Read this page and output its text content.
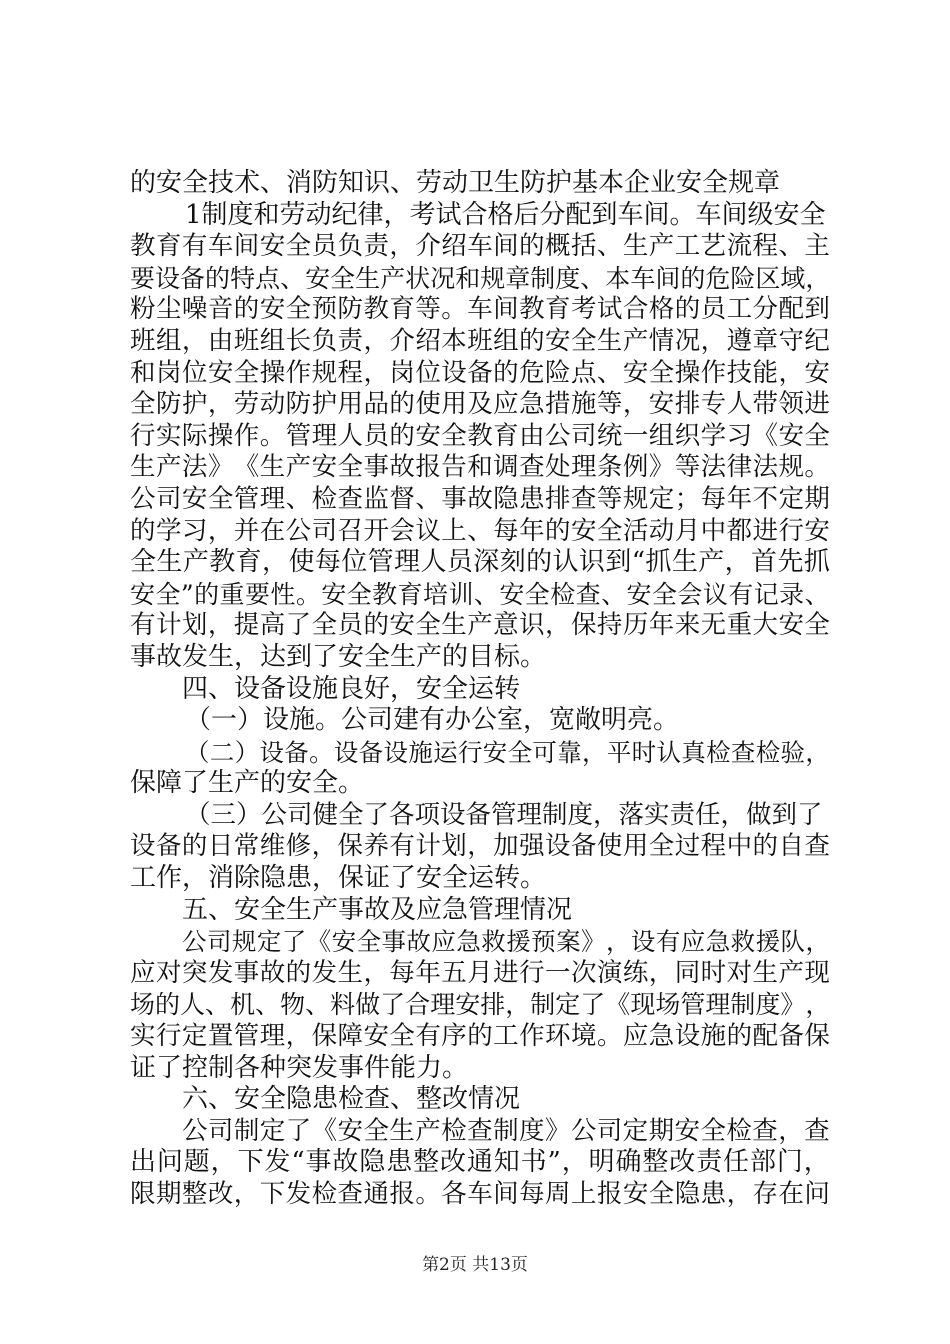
的安全技术、消防知识、劳动卫生防护基本企业安全规章
1制度和劳动纪律，考试合格后分配到车间。车间级安全
教 育 有 车 间 安 全 员 负 责 ， 介 绍 车 间 的 概 括 、 生 产 工 艺 流 程 、 主
要 设 备 的 特 点 、 安 全 生 产 状 况 和 规 章 制 度 、 本 车 间 的 危 险 区 域 ，
粉 尘 噪 音 的 安 全 预 防 教 育 等 。 车 间 教 育 考 试 合 格 的 员 工 分 配 到
班 组 ， 由 班 组 长 负 责 ， 介 绍 本 班 组 的 安 全 生 产 情 况 ， 遵 章 守 纪
和 岗 位 安 全 操 作 规 程 ， 岗 位 设 备 的 危 险 点 、 安 全 操 作 技 能 ， 安
全 防 护 ， 劳 动 防 护 用 品 的 使 用 及 应 急 措 施 等 ， 安 排 专 人 带 领 进
行 实 际 操 作 。 管 理 人 员 的 安 全 教 育 由 公 司 统 一 组 织 学 习 《 安 全
生 产 法 》 《 生 产 安 全 事 故 报 告 和 调 查 处 理 条 例 》 等 法 律 法 规 。
公 司 安 全 管 理 、 检 查 监 督 、 事 故 隐 患 排 查 等 规 定 ； 每 年 不 定 期
的 学 习 ， 并 在 公 司 召 开 会 议 上 、 每 年 的 安 全 活 动 月 中 都 进 行 安
全 生 产 教 育 ， 使 每 位 管 理 人 员 深 刻 的 认 识 到 “ 抓 生 产 ， 首 先 抓
安 全 ” 的 重 要 性 。 安 全 教 育 培 训 、 安 全 检 查 、 安 全 会 议 有 记 录 、
有 计 划 ， 提 高 了 全 员 的 安 全 生 产 意 识 ， 保 持 历 年 来 无 重 大 安 全
事故发生，达到了安全生产的目标。
四、设备设施良好，安全运转
（一）设施。公司建有办公室，宽敞明亮。
（ 二 ） 设 备 。 设 备 设 施 运 行 安 全 可 靠 ， 平 时 认 真 检 查 检 验 ，
保障了生产的安全。
（三）公司健全了各项设备管理制度，落实责任，做到了
设 备 的 日 常 维 修 ， 保 养 有 计 划 ， 加 强 设 备 使 用 全 过 程 中 的 自 查
工作，消除隐患，保证了安全运转。
五、安全生产事故及应急管理情况
公 司 规 定 了 《 安 全 事 故 应 急 救 援 预 案 》 ， 设 有 应 急 救 援 队 ，
应 对 突 发 事 故 的 发 生 ， 每 年 五 月 进 行 一 次 演 练 ， 同 时 对 生 产 现
场 的 人 、 机 、 物 、 料 做 了 合 理 安 排 ， 制 定 了 《 现 场 管 理 制 度 》 ，
实 行 定 置 管 理 ， 保 障 安 全 有 序 的 工 作 环 境 。 应 急 设 施 的 配 备 保
证了控制各种突发事件能力。
六、安全隐患检查、整改情况
公 司 制 定 了 《 安 全 生 产 检 查 制 度 》 公 司 定 期 安 全 检 查 ， 查
出 问 题 ， 下 发 “ 事 故 隐 患 整 改 通 知 书 ” ， 明 确 整 改 责 任 部 门 ，
限 期 整 改 ， 下 发 检 查 通 报 。 各 车 间 每 周 上 报 安 全 隐 患 ， 存 在 问
第2页 共13页
